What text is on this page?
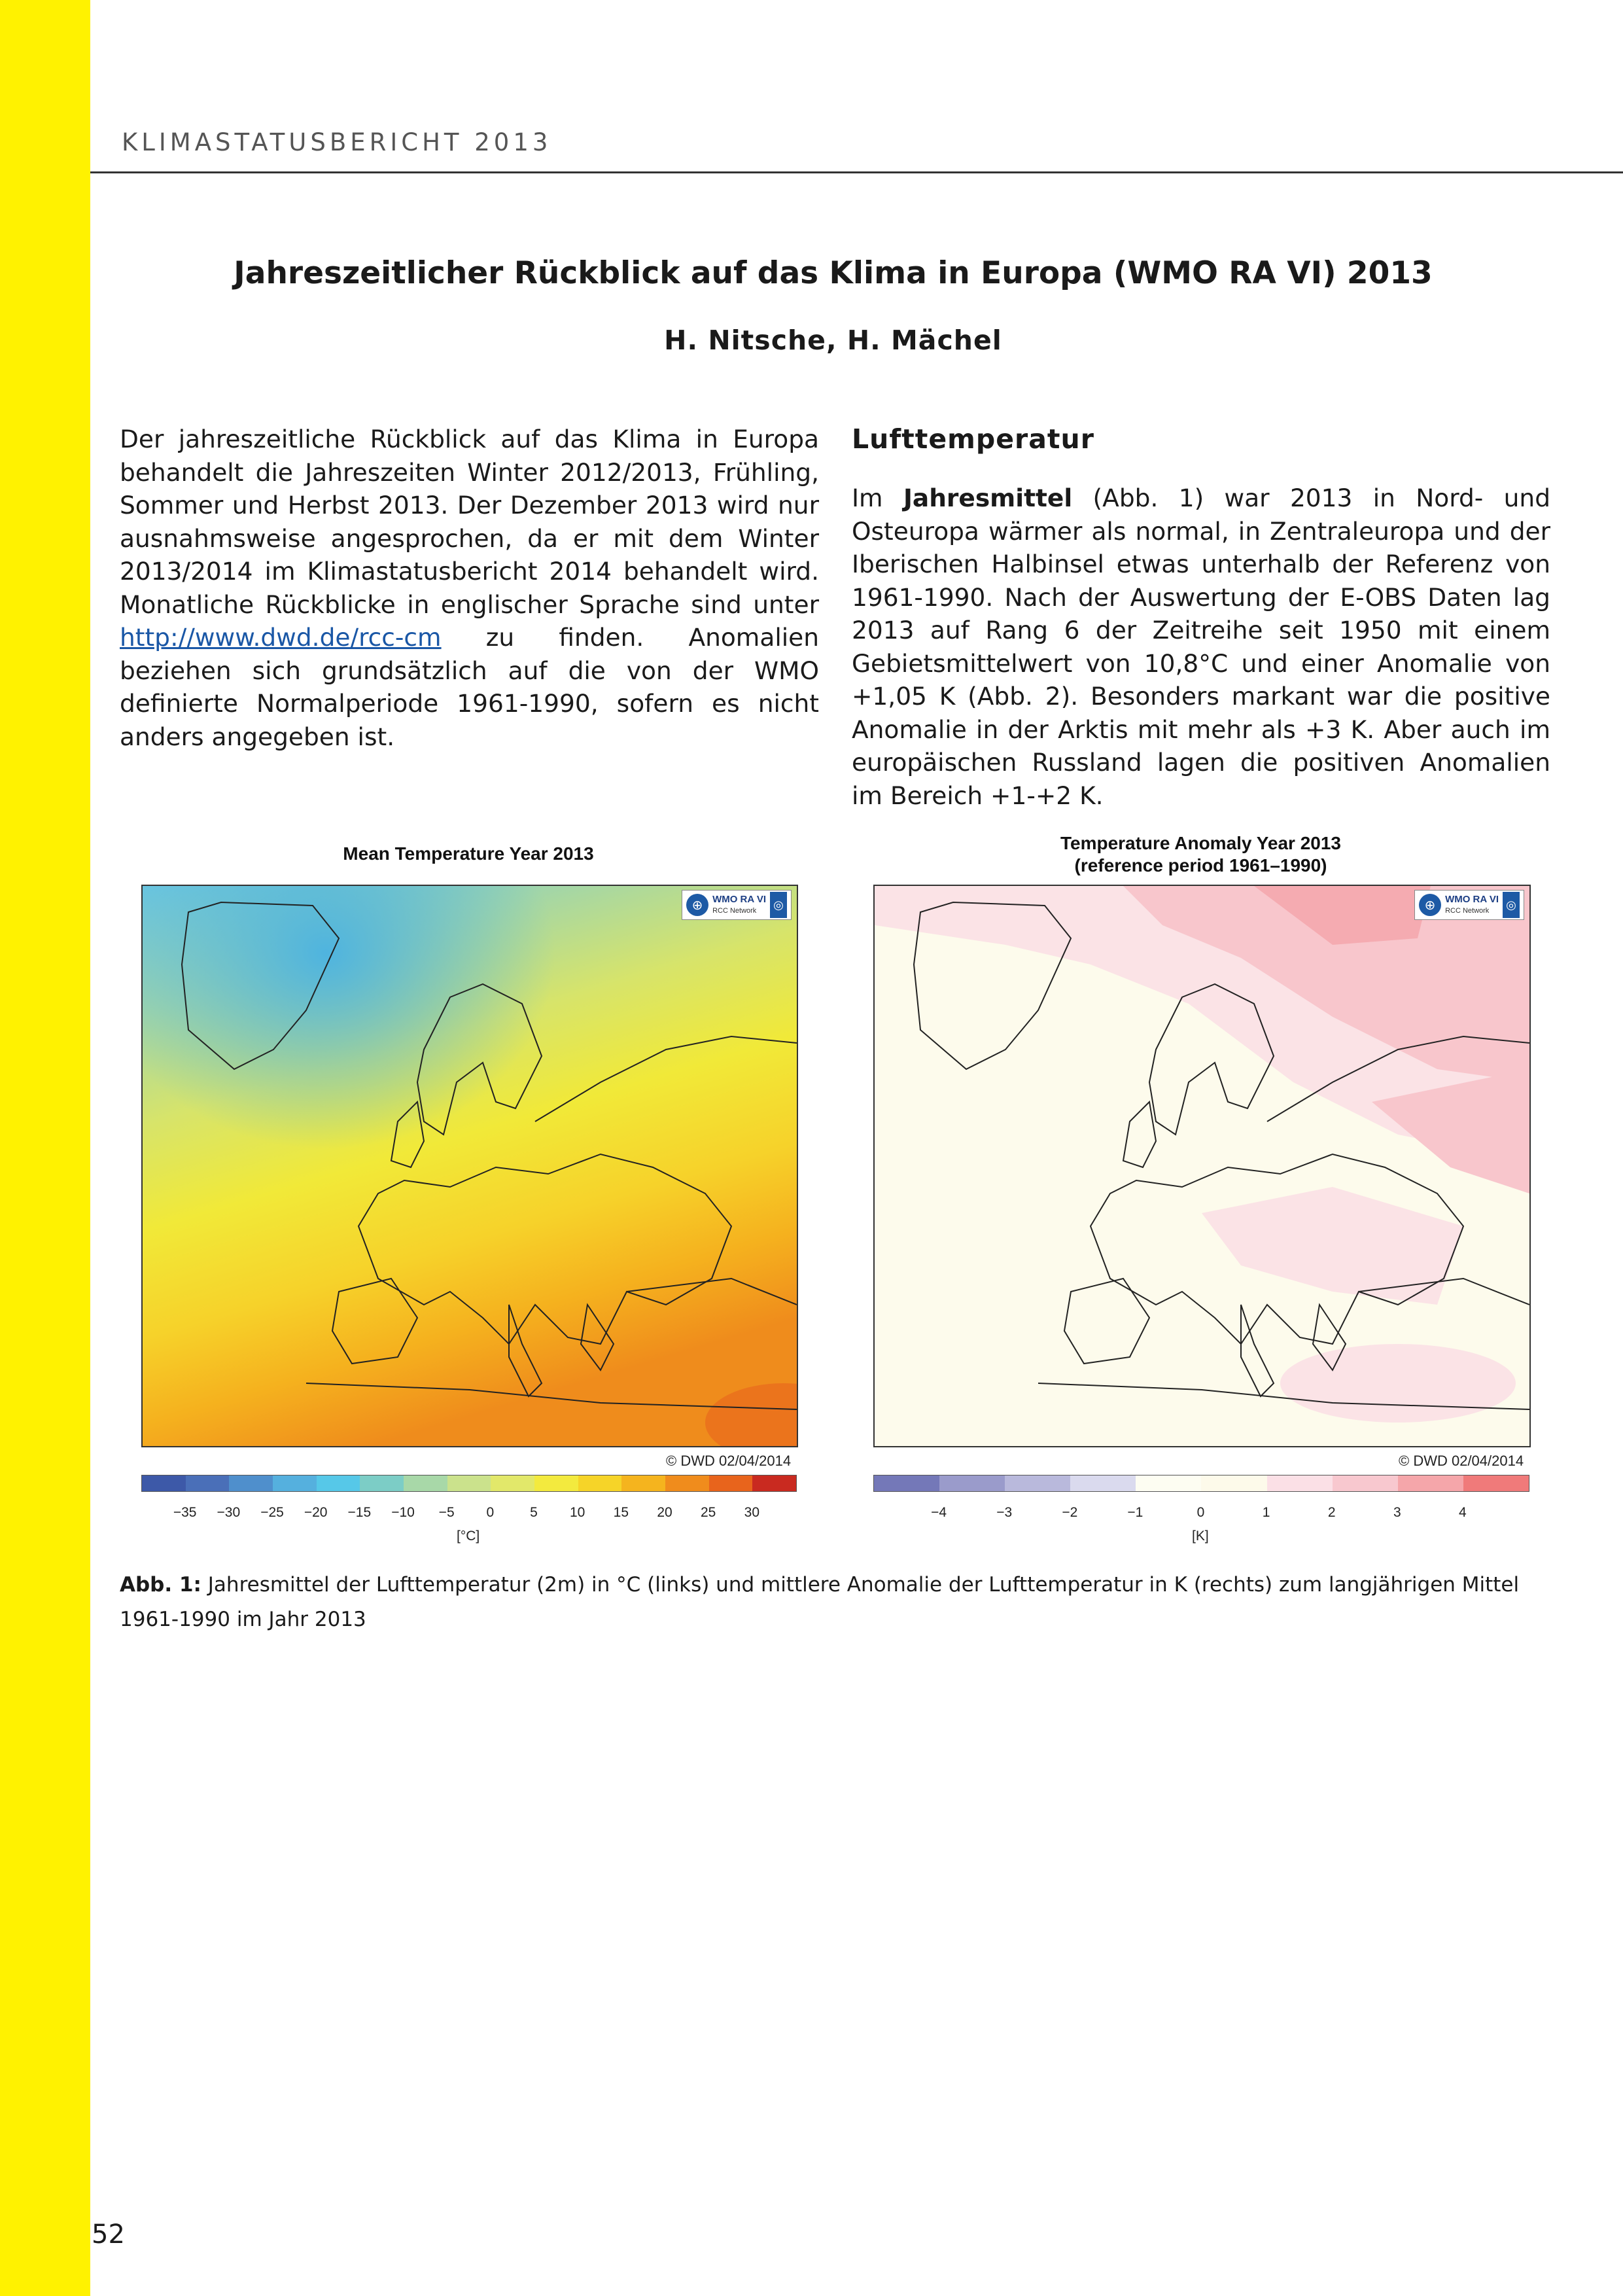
KLIMASTATUSBERICHT 2013
Jahreszeitlicher Rückblick auf das Klima in Europa (WMO RA VI) 2013
H. Nitsche, H. Mächel
Der jahreszeitliche Rückblick auf das Klima in Europa behandelt die Jahreszeiten Winter 2012/2013, Frühling, Sommer und Herbst 2013. Der Dezember 2013 wird nur ausnahmsweise angesprochen, da er mit dem Winter 2013/2014 im Klimastatusbericht 2014 behandelt wird. Monatliche Rückblicke in englischer Sprache sind unter http://www.dwd.de/rcc-cm zu finden. Anomalien beziehen sich grundsätzlich auf die von der WMO definierte Normalperiode 1961-1990, sofern es nicht anders angegeben ist.
Lufttemperatur
Im Jahresmittel (Abb. 1) war 2013 in Nord- und Osteuropa wärmer als normal, in Zentraleuropa und der Iberischen Halbinsel etwas unterhalb der Referenz von 1961-1990. Nach der Auswertung der E-OBS Daten lag 2013 auf Rang 6 der Zeitreihe seit 1950 mit einem Gebietsmittelwert von 10,8°C und einer Anomalie von +1,05 K (Abb. 2). Besonders markant war die positive Anomalie in der Arktis mit mehr als +3 K. Aber auch im europäischen Russland lagen die positiven Anomalien im Bereich +1-+2 K.
Mean Temperature Year 2013
⊕ WMO RA VI
RCC Network	◎
© DWD 02/04/2014
−35 −30 −25 −20 −15 −10 −5 0	5 10 15 20 25 30
[°C]
Temperature Anomaly Year 2013
(reference period 1961–1990)
⊕ WMO RA VI
RCC Network	◎
© DWD 02/04/2014
−4	−3	−2	−1	0	1	2	3	4
[K]
Abb. 1: Jahresmittel der Lufttemperatur (2m) in °C (links) und mittlere Anomalie der Lufttemperatur in K (rechts) zum langjährigen Mittel 1961-1990 im Jahr 2013
52
